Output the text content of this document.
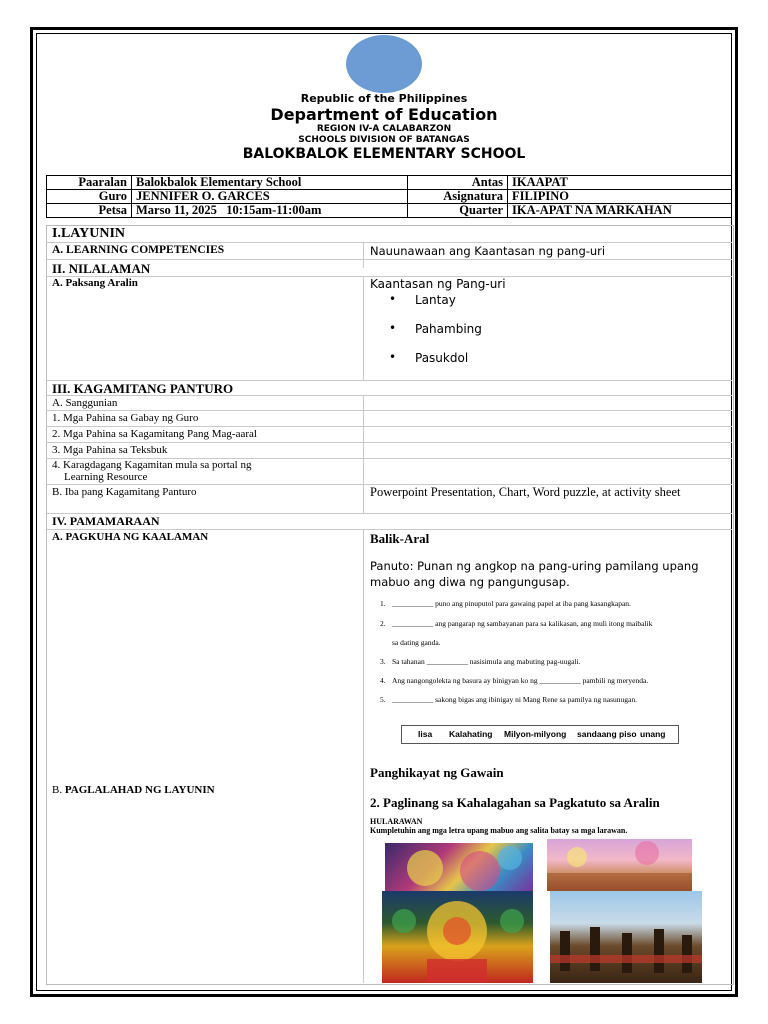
Republic of the Philippines
Department of Education
REGION IV-A CALABARZON
SCHOOLS DIVISION OF BATANGAS
BALOKBALOK ELEMENTARY SCHOOL
Paaralan	Balokbalok Elementary School	Antas	IKAAPAT
Guro	JENNIFER O. GARCES	Asignatura	FILIPINO
Petsa	Marso 11, 2025   10:15am-11:00am	Quarter	IKA-APAT NA MARKAHAN
I.LAYUNIN
A. LEARNING COMPETENCIES	Nauunawaan ang Kaantasan ng pang-uri
II. NILALAMAN
A. Paksang Aralin	Kaantasan ng Pang-uri
• Lantay
• Pahambing
• Pasukdol
III. KAGAMITANG PANTURO
A. Sanggunian
1. Mga Pahina sa Gabay ng Guro
2. Mga Pahina sa Kagamitang Pang Mag-aaral
3. Mga Pahina sa Teksbuk
4. Karagdagang Kagamitan mula sa portal ng
Learning Resource
B. Iba pang Kagamitang Panturo	Powerpoint Presentation, Chart, Word puzzle, at activity sheet
IV. PAMAMARAAN
A. PAGKUHA NG KAALAMAN
B. PAGLALAHAD NG LAYUNIN
Balik-Aral
Panuto: Punan ng angkop na pang-uring pamilang upang mabuo ang diwa ng pangungusap.
1. ___________ puno ang pinuputol para gawaing papel at iba pang kasangkapan.
2. ___________ ang pangarap ng sambayanan para sa kalikasan, ang muli itong maibalik
sa dating ganda.
3. Sa tahanan ___________ nasisimula ang mabuting pag-uugali.
4. Ang nangongolekta ng basura ay binigyan ko ng ___________ pambili ng meryenda.
5. ___________ sakong bigas ang ibinigay ni Mang Rene sa pamilya ng nasunugan.
Iisa Kalahating Milyon-milyong sandaang piso unang
Panghikayat ng Gawain
2. Paglinang sa Kahalagahan sa Pagkatuto sa Aralin
HULARAWAN
Kumpletuhin ang mga letra upang mabuo ang salita batay sa mga larawan.
